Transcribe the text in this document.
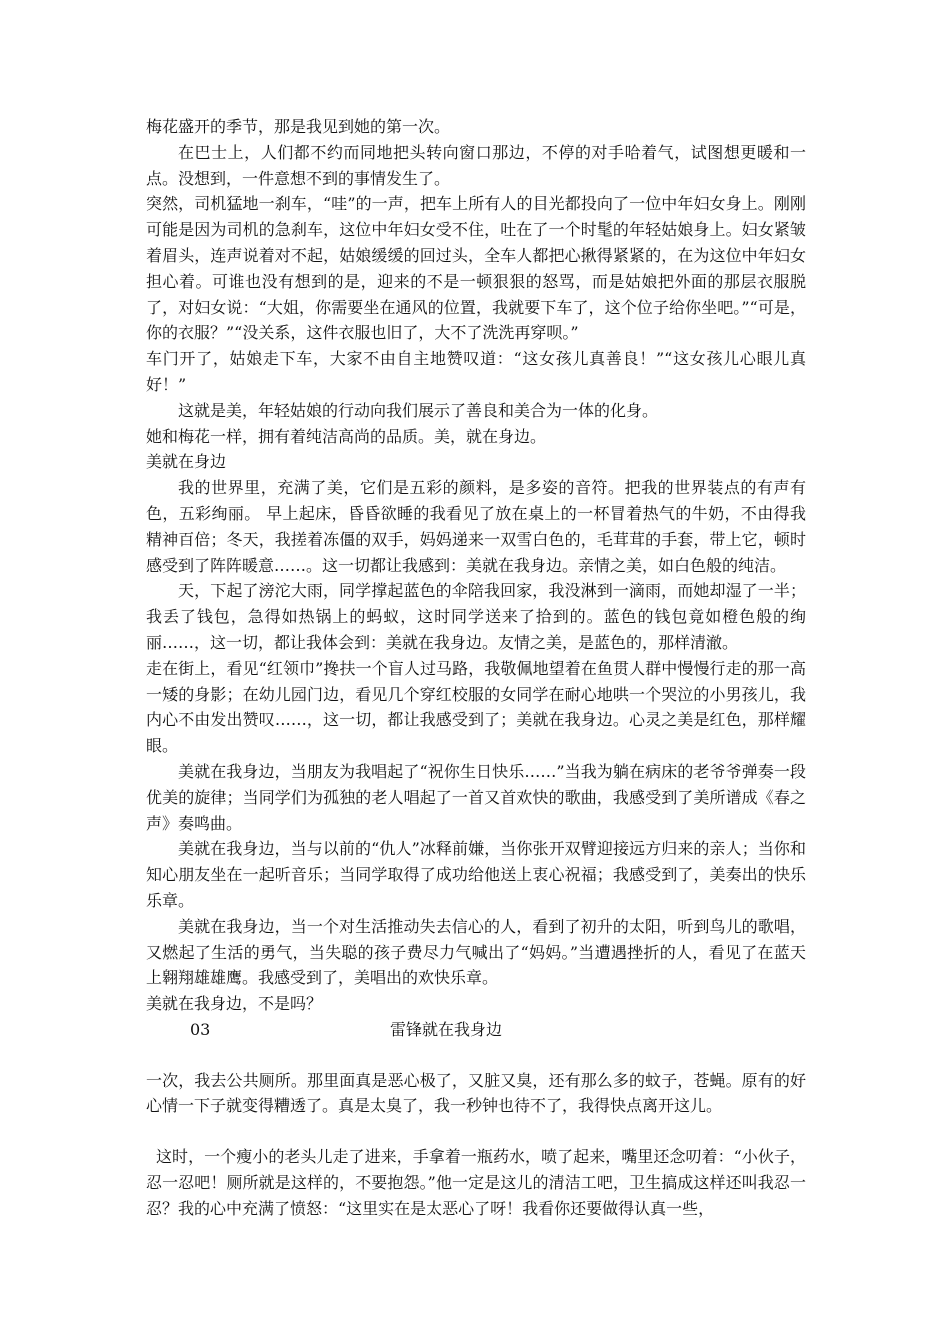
梅花盛开的季节，那是我见到她的第一次。

在巴士上，人们都不约而同地把头转向窗口那边，不停的对手哈着气，试图想更暖和一点。没想到，一件意想不到的事情发生了。

突然，司机猛地一刹车，“哇”的一声，把车上所有人的目光都投向了一位中年妇女身上。刚刚可能是因为司机的急刹车，这位中年妇女受不住，吐在了一个时髦的年轻姑娘身上。妇女紧皱着眉头，连声说着对不起，姑娘缓缓的回过头，全车人都把心揪得紧紧的，在为这位中年妇女担心着。可谁也没有想到的是，迎来的不是一顿狠狠的怒骂，而是姑娘把外面的那层衣服脱了，对妇女说：“大姐，你需要坐在通风的位置，我就要下车了，这个位子给你坐吧。”“可是，你的衣服？”“没关系，这件衣服也旧了，大不了洗洗再穿呗。”

车门开了，姑娘走下车，大家不由自主地赞叹道：“这女孩儿真善良！”“这女孩儿心眼儿真好！”

这就是美，年轻姑娘的行动向我们展示了善良和美合为一体的化身。

她和梅花一样，拥有着纯洁高尚的品质。美，就在身边。

美就在身边

我的世界里，充满了美，它们是五彩的颜料，是多姿的音符。把我的世界装点的有声有色，五彩绚丽。 早上起床，昏昏欲睡的我看见了放在桌上的一杯冒着热气的牛奶，不由得我精神百倍；冬天，我搓着冻僵的双手，妈妈递来一双雪白色的，毛茸茸的手套，带上它，顿时感受到了阵阵暖意……。这一切都让我感到：美就在我身边。亲情之美，如白色般的纯洁。

天，下起了滂沱大雨，同学撑起蓝色的伞陪我回家，我没淋到一滴雨，而她却湿了一半；我丢了钱包，急得如热锅上的蚂蚁，这时同学送来了拾到的。蓝色的钱包竟如橙色般的绚丽……，这一切，都让我体会到：美就在我身边。友情之美，是蓝色的，那样清澈。

走在街上，看见“红领巾”搀扶一个盲人过马路，我敬佩地望着在鱼贯人群中慢慢行走的那一高一矮的身影；在幼儿园门边，看见几个穿红校服的女同学在耐心地哄一个哭泣的小男孩儿，我内心不由发出赞叹……，这一切，都让我感受到了；美就在我身边。心灵之美是红色，那样耀眼。

美就在我身边，当朋友为我唱起了“祝你生日快乐……”当我为躺在病床的老爷爷弹奏一段优美的旋律；当同学们为孤独的老人唱起了一首又首欢快的歌曲，我感受到了美所谱成《春之声》奏鸣曲。

美就在我身边，当与以前的“仇人”冰释前嫌，当你张开双臂迎接远方归来的亲人；当你和知心朋友坐在一起听音乐；当同学取得了成功给他送上衷心祝福；我感受到了，美奏出的快乐乐章。

美就在我身边，当一个对生活推动失去信心的人，看到了初升的太阳，听到鸟儿的歌唱，又燃起了生活的勇气，当失聪的孩子费尽力气喊出了“妈妈。”当遭遇挫折的人，看见了在蓝天上翱翔雄雄鹰。我感受到了，美唱出的欢快乐章。

美就在我身边，不是吗？

03	雷锋就在我身边

一次，我去公共厕所。那里面真是恶心极了，又脏又臭，还有那么多的蚊子，苍蝇。原有的好心情一下子就变得糟透了。真是太臭了，我一秒钟也待不了，我得快点离开这儿。

这时，一个瘦小的老头儿走了进来，手拿着一瓶药水，喷了起来，嘴里还念叨着：“小伙子，忍一忍吧！厕所就是这样的，不要抱怨。”他一定是这儿的清洁工吧，卫生搞成这样还叫我忍一忍？我的心中充满了愤怒：“这里实在是太恶心了呀！我看你还要做得认真一些，
